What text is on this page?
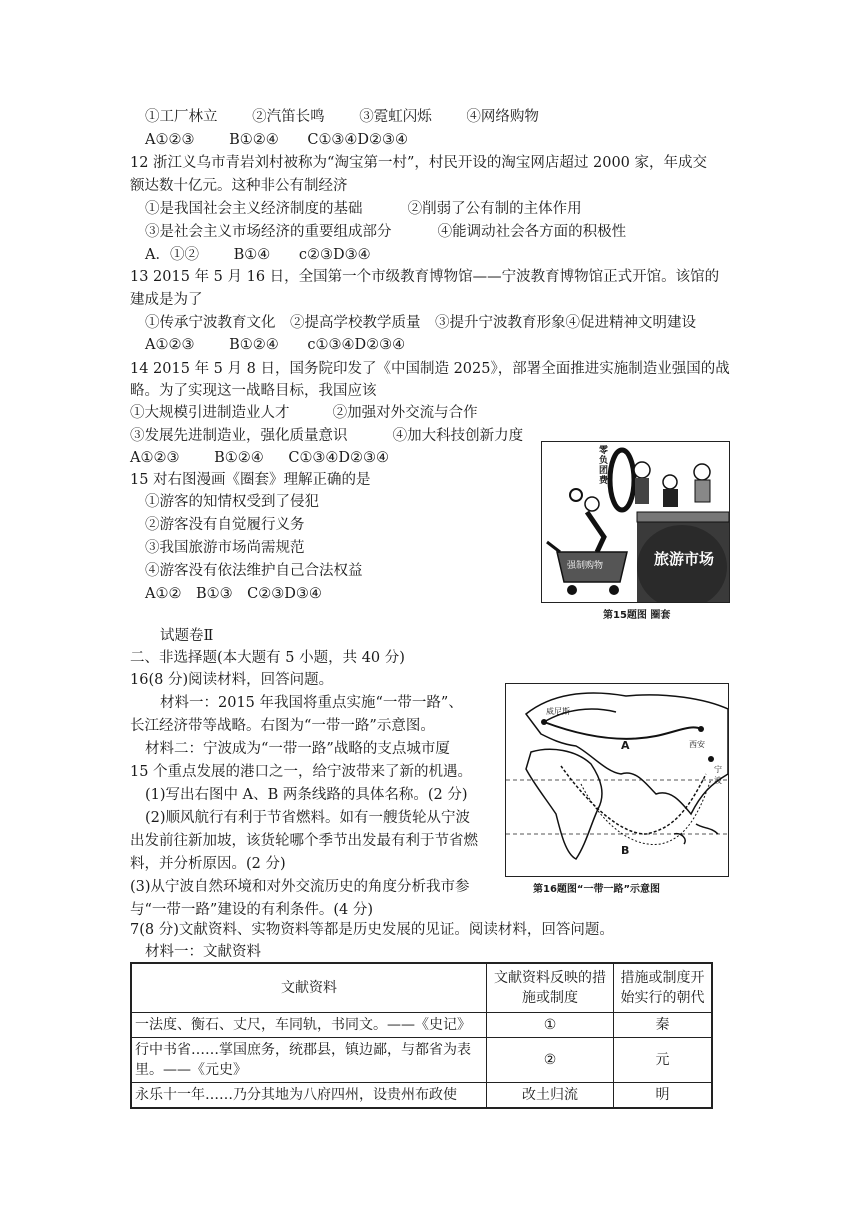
①工厂林立 ②汽笛长鸣 ③霓虹闪烁 ④网络购物
A①②③ B①②④ C①③④D②③④
12 浙江义乌市青岩刘村被称为“淘宝第一村”，村民开设的淘宝网店超过 2000 家，年成交
额达数十亿元。这种非公有制经济
①是我国社会主义经济制度的基础	②削弱了公有制的主体作用
③是社会主义市场经济的重要组成部分	④能调动社会各方面的积极性
A．①② B①④ c②③D③④
13 2015 年 5 月 16 日，全国第一个市级教育博物馆——宁波教育博物馆正式开馆。该馆的
建成是为了
①传承宁波教育文化　②提高学校教学质量　③提升宁波教育形象④促进精神文明建设
A①②③ B①②④ c①③④D②③④
14 2015 年 5 月 8 日，国务院印发了《中国制造 2025》，部署全面推进实施制造业强国的战
略。为了实现这一战略目标，我国应该
①大规模引进制造业人才	②加强对外交流与合作
③发展先进制造业，强化质量意识	④加大科技创新力度
A①②③ B①②④ C①③④D②③④
15 对右图漫画《圈套》理解正确的是
①游客的知情权受到了侵犯
②游客没有自觉履行义务
③我国旅游市场尚需规范
④游客没有依法维护自己合法权益
A①②　B①③　C②③D③④
零负团费
旅游市场
强制购物
第15题图 圈套
试题卷Ⅱ
二、非选择题(本大题有 5 小题，共 40 分)
16(8 分)阅读材料，回答问题。
材料一：2015 年我国将重点实施“一带一路”、
长江经济带等战略。右图为“一带一路”示意图。
材料二：宁波成为“一带一路”战略的支点城市厦
15 个重点发展的港口之一，给宁波带来了新的机遇。
(1)写出右图中 A、B 两条线路的具体名称。(2 分)
(2)顺风航行有利于节省燃料。如有一艘货轮从宁波
出发前往新加坡，该货轮哪个季节出发最有利于节省燃
料，并分析原因。(2 分)
(3)从宁波自然环境和对外交流历史的角度分析我市参
与“一带一路”建设的有利条件。(4 分)
威尼斯
西安
宁波
A
B
第16题图“一带一路”示意图
7(8 分)文献资料、实物资料等都是历史发展的见证。阅读材料，回答问题。
材料一：文献资料
文献资料	文献资料反映的措施或制度	措施或制度开始实行的朝代
一法度、衡石、丈尺，车同轨，书同文。——《史记》	①	秦
行中书省……掌国庶务，统郡县，镇边鄙，与都省为表里。——《元史》	②	元
永乐十一年……乃分其地为八府四州，设贵州布政使	改土归流	明
